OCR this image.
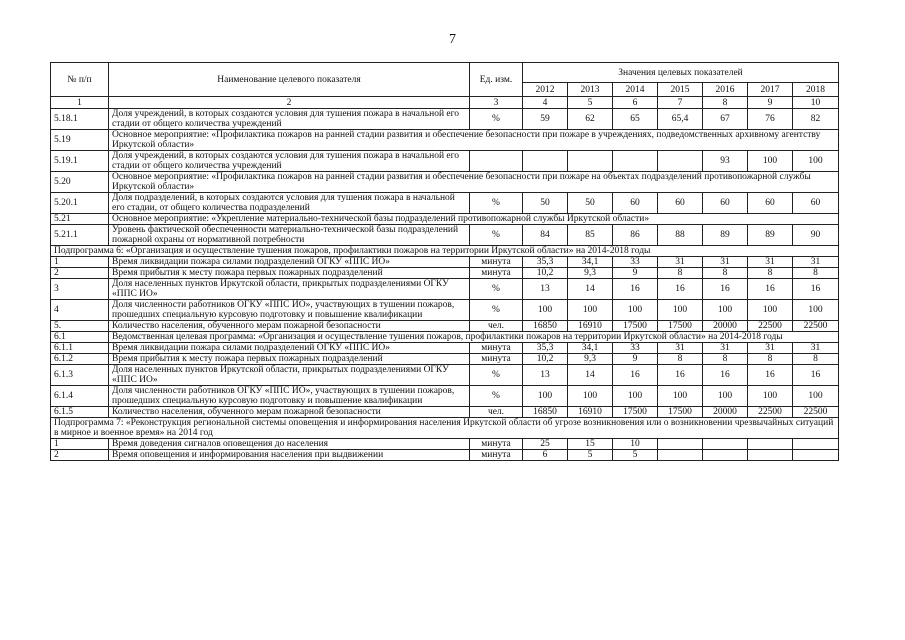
7
№ п/п	Наименование целевого показателя	Ед. изм.	Значения целевых показателей						
			2012	2013	2014	2015	2016	2017	2018
1	2	3	4	5	6	7	8	9	10
5.18.1	Доля учреждений, в которых создаются условия для тушения пожара в начальной его стадии от общего количества учреждений	%	59	62	65	65,4	67	76	82
5.19	Основное мероприятие: «Профилактика пожаров на ранней стадии развития и обеспечение безопасности при пожаре в учреждениях, подведомственных архивному агентству Иркутской области»								
5.19.1	Доля учреждений, в которых создаются условия для тушения пожара в начальной его стадии от общего количества учреждений						93	100	100
5.20	Основное мероприятие: «Профилактика пожаров на ранней стадии развития и обеспечение безопасности при пожаре на объектах подразделений противопожарной службы Иркутской области»								
5.20.1	Доля подразделений, в которых создаются условия для тушения пожара в начальной его стадии, от общего количества подразделений	%	50	50	60	60	60	60	60
5.21	Основное мероприятие: «Укрепление материально-технической базы подразделений противопожарной службы Иркутской области»								
5.21.1	Уровень фактической обеспеченности материально-технической базы подразделений пожарной охраны от нормативной потребности	%	84	85	86	88	89	89	90
Подпрограмма 6: «Организация и осуществление тушения пожаров, профилактики пожаров на территории Иркутской области» на 2014-2018 годы									
1	Время ликвидации пожара силами подразделений ОГКУ «ППС ИО»	минута	35,3	34,1	33	31	31	31	31
2	Время прибытия к месту пожара первых пожарных подразделений	минута	10,2	9,3	9	8	8	8	8
3	Доля населенных пунктов Иркутской области, прикрытых подразделениями ОГКУ «ППС ИО»	%	13	14	16	16	16	16	16
4	Доля численности работников ОГКУ «ППС ИО», участвующих в тушении пожаров, прошедших специальную курсовую подготовку и повышение квалификации	%	100	100	100	100	100	100	100
5.	Количество населения, обученного мерам пожарной безопасности	чел.	16850	16910	17500	17500	20000	22500	22500
6.1	Ведомственная целевая программа: «Организация и осуществление тушения пожаров, профилактики пожаров на территории Иркутской области» на 2014-2018 годы								
6.1.1	Время ликвидации пожара силами подразделений ОГКУ «ППС ИО»	минута	35,3	34,1	33	31	31	31	31
6.1.2	Время прибытия к месту пожара первых пожарных подразделений	минута	10,2	9,3	9	8	8	8	8
6.1.3	Доля населенных пунктов Иркутской области, прикрытых подразделениями ОГКУ «ППС ИО»	%	13	14	16	16	16	16	16
6.1.4	Доля численности работников ОГКУ «ППС ИО», участвующих в тушении пожаров, прошедших специальную курсовую подготовку и повышение квалификации	%	100	100	100	100	100	100	100
6.1.5	Количество населения, обученного мерам пожарной безопасности	чел.	16850	16910	17500	17500	20000	22500	22500
Подпрограмма 7: «Реконструкция региональной системы оповещения и информирования населения Иркутской области об угрозе возникновения или о возникновении чрезвычайных ситуаций в мирное и военное время» на 2014 год									
1	Время доведения сигналов оповещения до населения	минута	25	15	10				
2	Время оповещения и информирования населения при выдвижении	минута	6	5	5				
